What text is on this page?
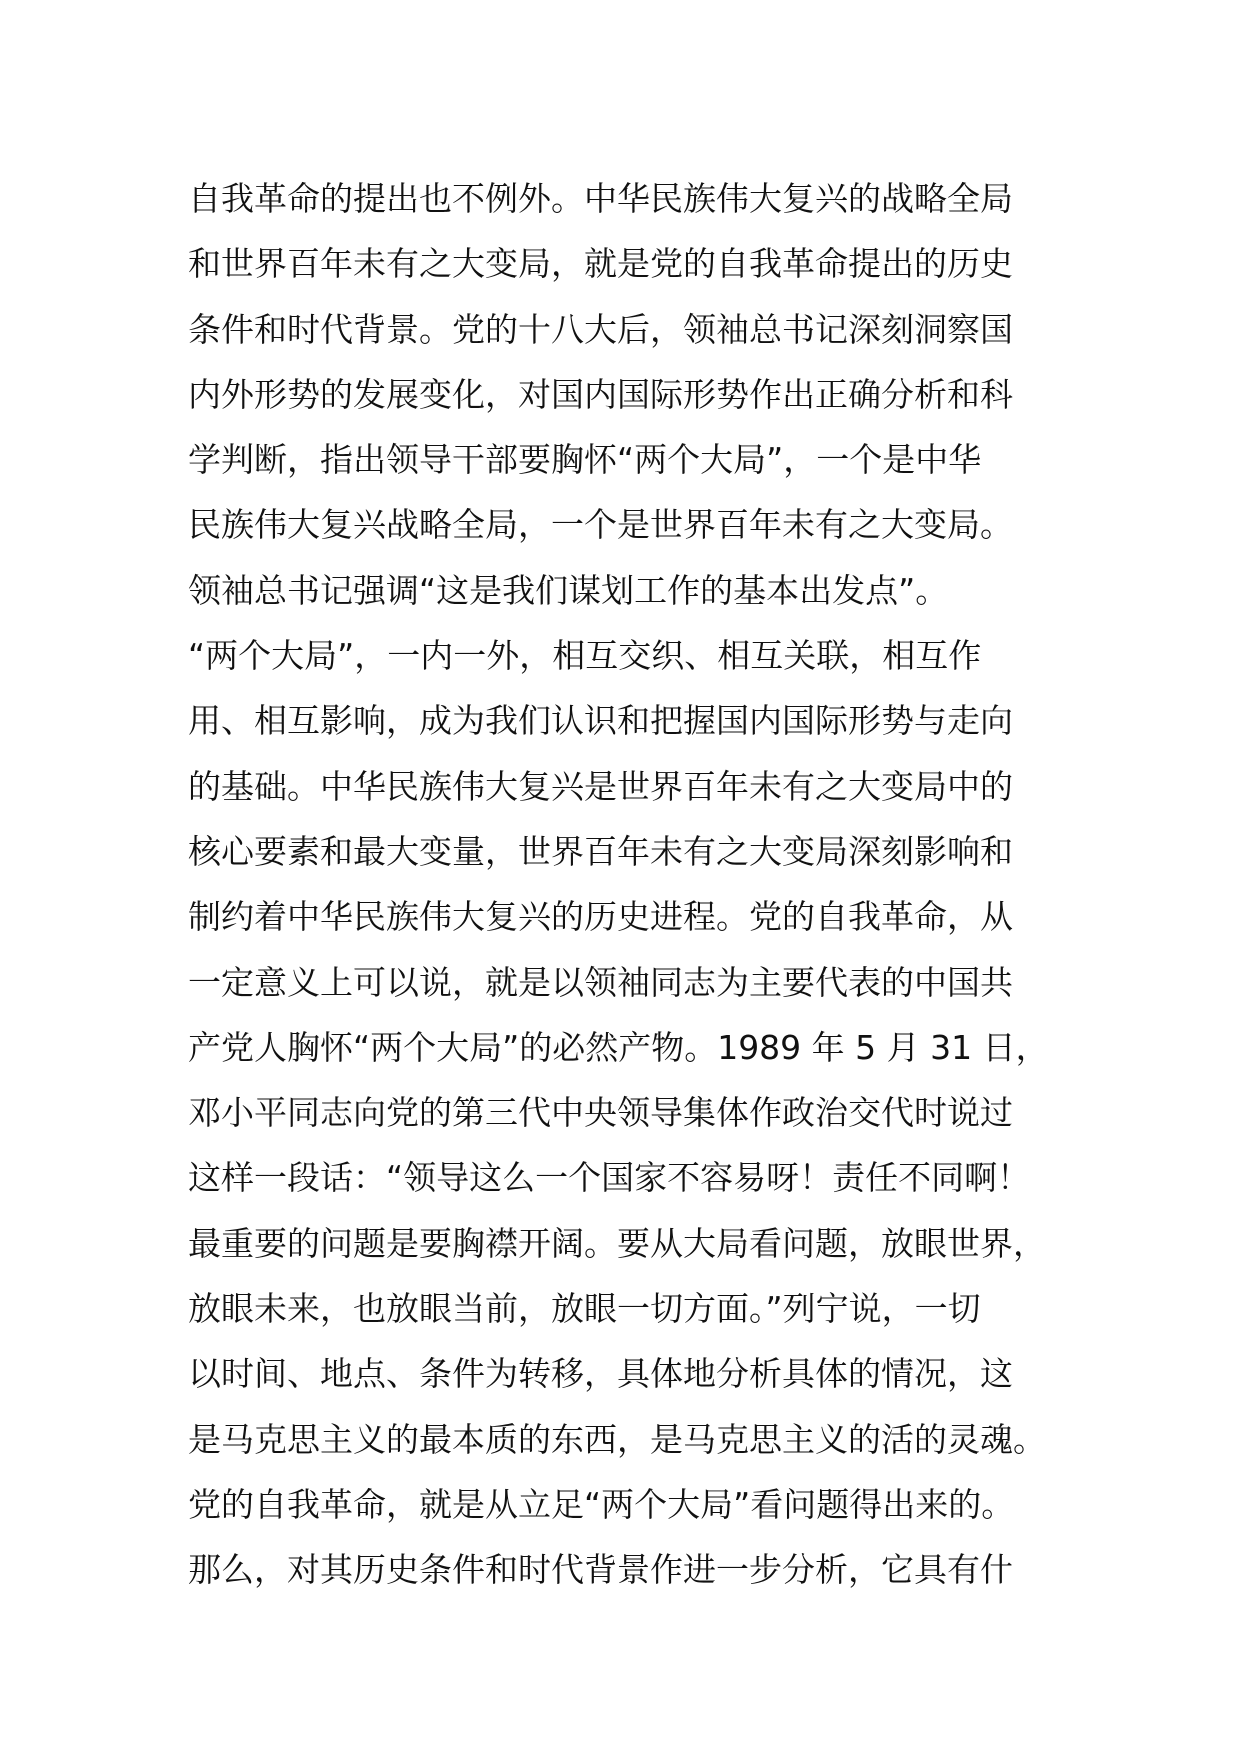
自我革命的提出也不例外。中华民族伟大复兴的战略全局
和世界百年未有之大变局，就是党的自我革命提出的历史
条件和时代背景。党的十八大后，领袖总书记深刻洞察国
内外形势的发展变化，对国内国际形势作出正确分析和科
学判断，指出领导干部要胸怀“两个大局”，一个是中华
民族伟大复兴战略全局，一个是世界百年未有之大变局。
领袖总书记强调“这是我们谋划工作的基本出发点”。
“两个大局”，一内一外，相互交织、相互关联，相互作
用、相互影响，成为我们认识和把握国内国际形势与走向
的基础。中华民族伟大复兴是世界百年未有之大变局中的
核心要素和最大变量，世界百年未有之大变局深刻影响和
制约着中华民族伟大复兴的历史进程。党的自我革命，从
一定意义上可以说，就是以领袖同志为主要代表的中国共
产党人胸怀“两个大局”的必然产物。1989 年 5 月 31 日，
邓小平同志向党的第三代中央领导集体作政治交代时说过
这样一段话：“领导这么一个国家不容易呀！责任不同啊！
最重要的问题是要胸襟开阔。要从大局看问题，放眼世界，
放眼未来，也放眼当前，放眼一切方面。”列宁说，一切
以时间、地点、条件为转移，具体地分析具体的情况，这
是马克思主义的最本质的东西，是马克思主义的活的灵魂。
党的自我革命，就是从立足“两个大局”看问题得出来的。
那么，对其历史条件和时代背景作进一步分析，它具有什
